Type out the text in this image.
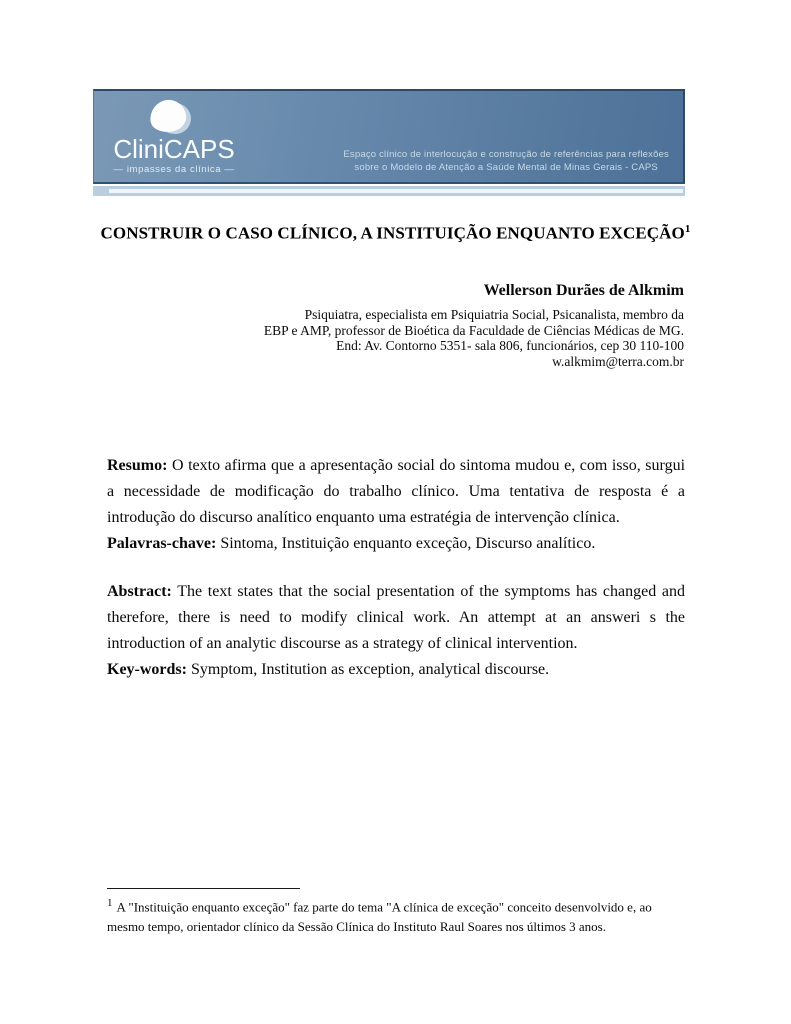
CliniCAPS
— impasses da clínica —
Espaço clínico de interlocução e construção de referências para reflexões
sobre o Modelo de Atenção a Saúde Mental de Minas Gerais - CAPS
CONSTRUIR O CASO CLÍNICO, A INSTITUIÇÃO ENQUANTO EXCEÇÃO$^1$
Wellerson Durães de Alkmim
Psiquiatra, especialista em Psiquiatria Social, Psicanalista, membro da
EBP e AMP, professor de Bioética da Faculdade de Ciências Médicas de MG.
End: Av. Contorno 5351- sala 806, funcionários, cep 30 110-100
w.alkmim@terra.com.br

Resumo: O texto afirma que a apresentação social do sintoma mudou e, com isso, surgui a necessidade de modificação do trabalho clínico. Uma tentativa de resposta é a introdução do discurso analítico enquanto uma estratégia de intervenção clínica.

Palavras-chave: Sintoma, Instituição enquanto exceção, Discurso analítico.

Abstract: The text states that the social presentation of the symptoms has changed and therefore, there is need to modify clinical work. An attempt at an answeri s the introduction of an analytic discourse as a strategy of clinical intervention.

Key-words: Symptom, Institution as exception, analytical discourse.

$^1$ A "Instituição enquanto exceção" faz parte do tema "A clínica de exceção" conceito desenvolvido e, ao mesmo tempo, orientador clínico da Sessão Clínica do Instituto Raul Soares nos últimos 3 anos.
